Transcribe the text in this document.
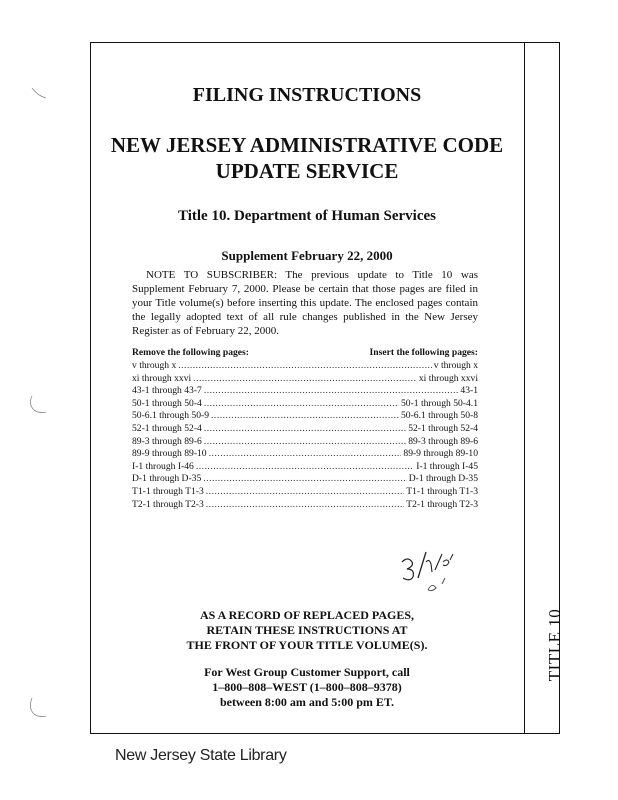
TITLE 10
FILING INSTRUCTIONS
NEW JERSEY ADMINISTRATIVE CODE
UPDATE SERVICE
Title 10. Department of Human Services
Supplement February 22, 2000
NOTE TO SUBSCRIBER: The previous update to Title 10 was Supplement February 7, 2000. Please be certain that those pages are filed in your Title volume(s) before inserting this update. The enclosed pages contain the legally adopted text of all rule changes published in the New Jersey Register as of February 22, 2000.
Remove the following pages:	Insert the following pages:
v through x .....	v through x
xi through xxvi .....	xi through xxvi
43-1 through 43-7 .....	43-1
50-1 through 50-4 .....	50-1 through 50-4.1
50-6.1 through 50-9 .....	50-6.1 through 50-8
52-1 through 52-4 .....	52-1 through 52-4
89-3 through 89-6 .....	89-3 through 89-6
89-9 through 89-10 .....	89-9 through 89-10
I-1 through I-46 .....	I-1 through I-45
D-1 through D-35 .....	D-1 through D-35
T1-1 through T1-3 .....	T1-1 through T1-3
T2-1 through T2-3 .....	T2-1 through T2-3
AS A RECORD OF REPLACED PAGES,
RETAIN THESE INSTRUCTIONS AT
THE FRONT OF YOUR TITLE VOLUME(S).
For West Group Customer Support, call
1–800–808–WEST (1–800–808–9378)
between 8:00 am and 5:00 pm ET.
New Jersey State Library
